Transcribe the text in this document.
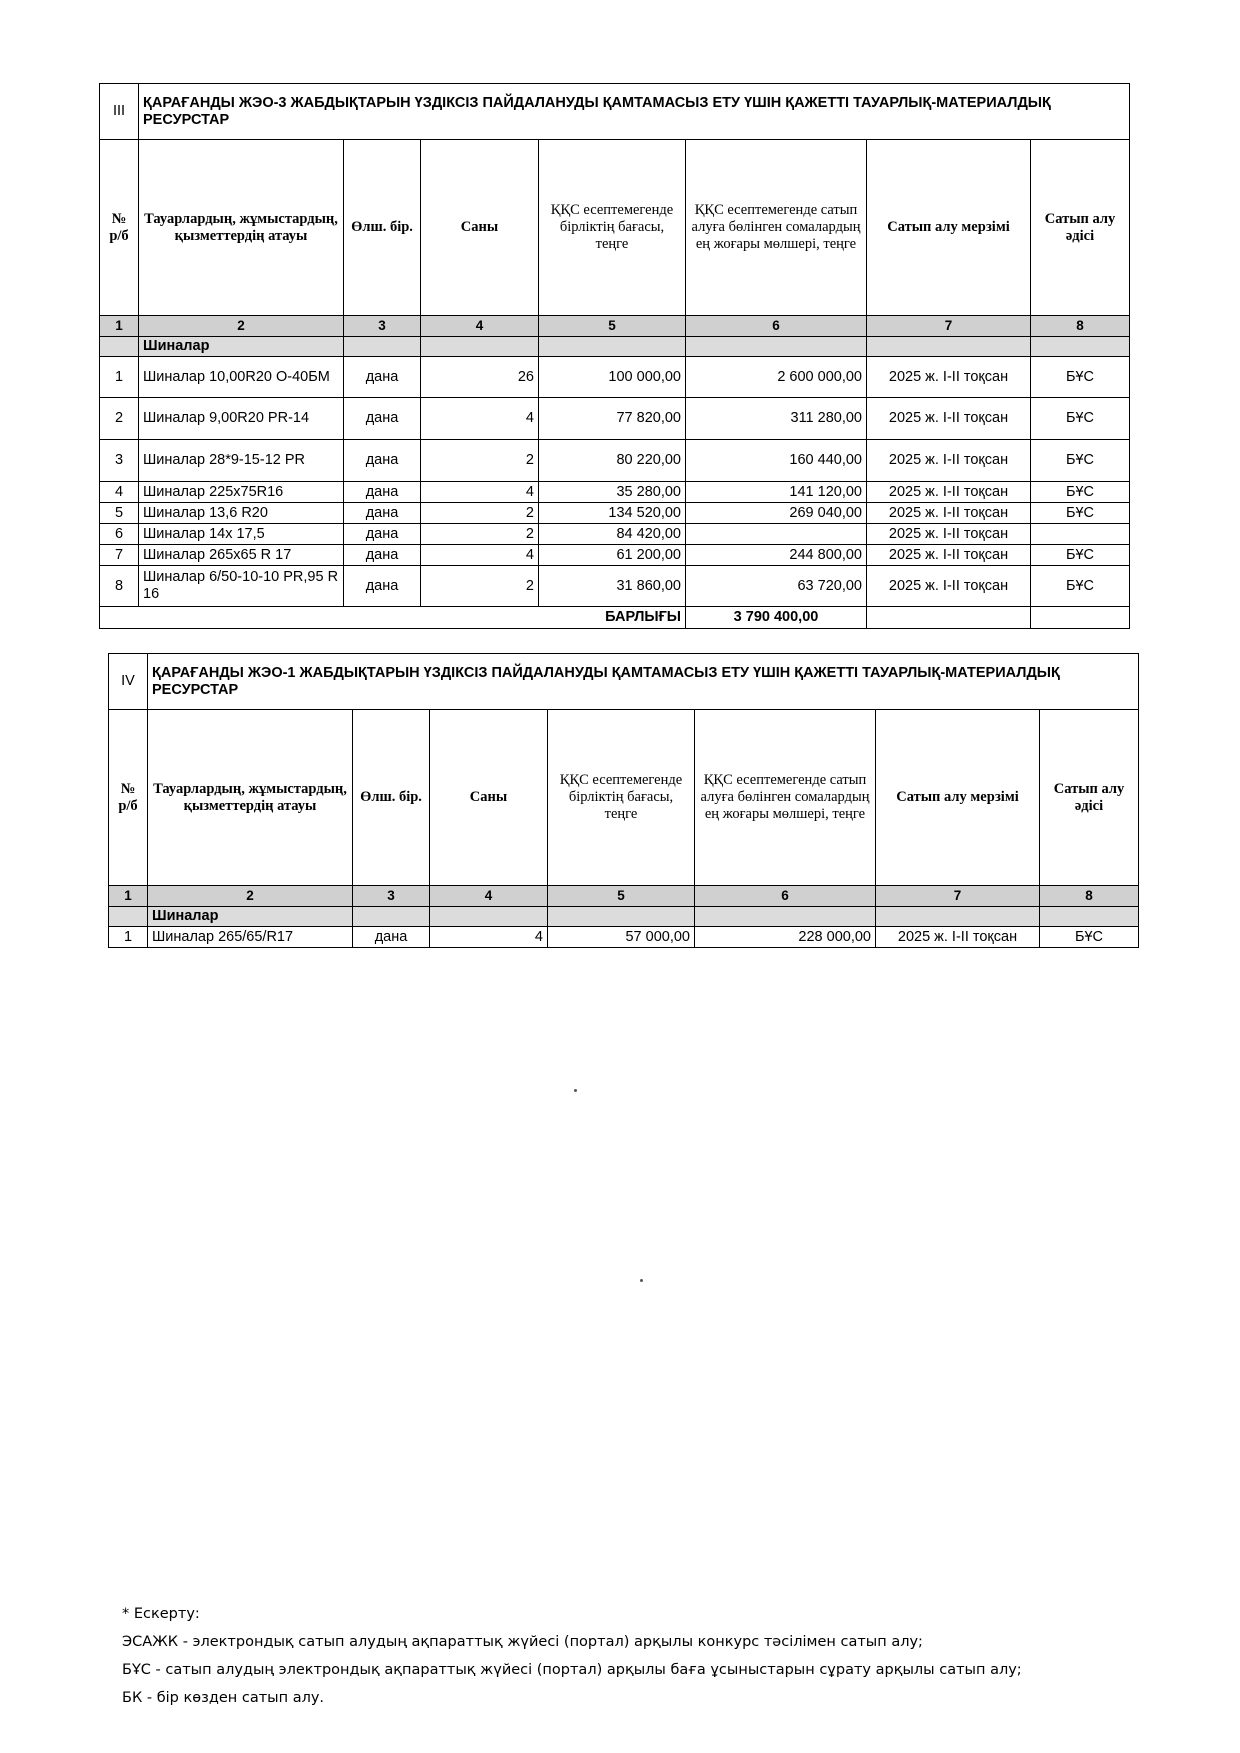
III	ҚАРАҒАНДЫ ЖЭО-3 ЖАБДЫҚТАРЫН ҮЗДІКСІЗ ПАЙДАЛАНУДЫ ҚАМТАМАСЫЗ ЕТУ ҮШІН ҚАЖЕТТІ ТАУАРЛЫҚ-МАТЕРИАЛДЫҚ РЕСУРСТАР						
№
р/б	Тауарлардың, жұмыстардың, қызметтердің атауы	Өлш. бір.	Саны	ҚҚС есептемегенде бірліктің бағасы, теңге	ҚҚС есептемегенде сатып алуға бөлінген сомалардың ең жоғары мөлшері, теңге	Сатып алу мерзімі	Сатып алу әдісі
1	2	3	4	5	6	7	8
	Шиналар						
1	Шиналар 10,00R20 О-40БМ	дана	26	100 000,00	2 600 000,00	2025 ж. I-II тоқсан	БҰС
2	Шиналар 9,00R20 PR-14	дана	4	77 820,00	311 280,00	2025 ж. I-II тоқсан	БҰС
3	Шиналар 28*9-15-12 PR	дана	2	80 220,00	160 440,00	2025 ж. I-II тоқсан	БҰС
4	Шиналар 225х75R16	дана	4	35 280,00	141 120,00	2025 ж. I-II тоқсан	БҰС
5	Шиналар 13,6 R20	дана	2	134 520,00	269 040,00	2025 ж. I-II тоқсан	БҰС
6	Шиналар 14х 17,5	дана	2	84 420,00		2025 ж. I-II тоқсан	
7	Шиналар 265х65 R 17	дана	4	61 200,00	244 800,00	2025 ж. I-II тоқсан	БҰС
8	Шиналар 6/50-10-10 PR,95 R 16	дана	2	31 860,00	63 720,00	2025 ж. I-II тоқсан	БҰС
БАРЛЫҒЫ					3 790 400,00		
IV	ҚАРАҒАНДЫ ЖЭО-1 ЖАБДЫҚТАРЫН ҮЗДІКСІЗ ПАЙДАЛАНУДЫ ҚАМТАМАСЫЗ ЕТУ ҮШІН ҚАЖЕТТІ ТАУАРЛЫҚ-МАТЕРИАЛДЫҚ РЕСУРСТАР						
№
р/б	Тауарлардың, жұмыстардың, қызметтердің атауы	Өлш. бір.	Саны	ҚҚС есептемегенде бірліктің бағасы, теңге	ҚҚС есептемегенде сатып алуға бөлінген сомалардың ең жоғары мөлшері, теңге	Сатып алу мерзімі	Сатып алу әдісі
1	2	3	4	5	6	7	8
	Шиналар						
1	Шиналар 265/65/R17	дана	4	57 000,00	228 000,00	2025 ж. I-II тоқсан	БҰС
* Ескерту:
ЭСАЖК - электрондық сатып алудың ақпараттық жүйесі (портал) арқылы конкурс тәсілімен сатып алу;
БҰС - сатып алудың электрондық ақпараттық жүйесі (портал) арқылы баға ұсыныстарын сұрату арқылы сатып алу;
БК - бір көзден сатып алу.
